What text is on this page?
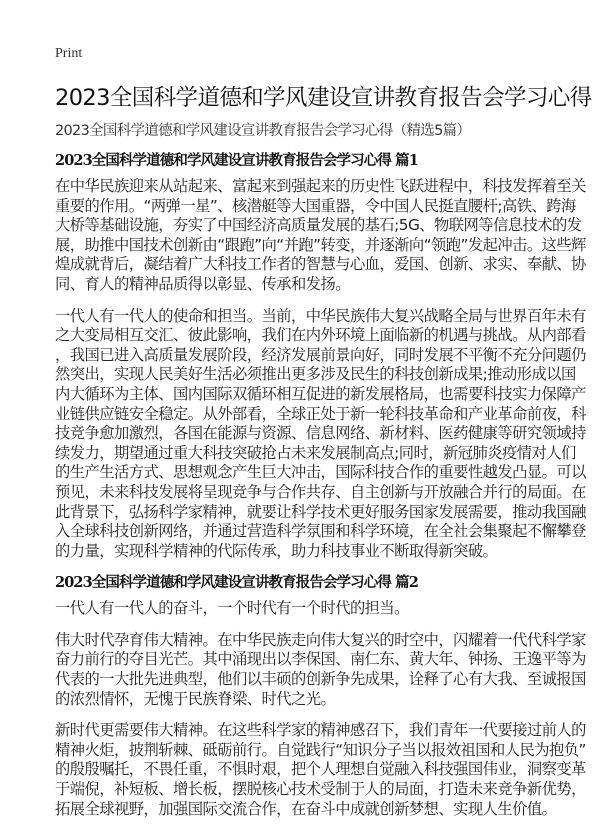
Print
2023全国科学道德和学风建设宣讲教育报告会学习心得
2023全国科学道德和学风建设宣讲教育报告会学习心得（精选5篇）
2023全国科学道德和学风建设宣讲教育报告会学习心得 篇1

在中华民族迎来从站起来、富起来到强起来的历史性飞跃进程中，科技发挥着至关
重要的作用。“两弹一星”、核潜艇等大国重器，令中国人民挺直腰杆;高铁、跨海
大桥等基础设施，夯实了中国经济高质量发展的基石;5G、物联网等信息技术的发
展，助推中国技术创新由“跟跑”向“并跑”转变，并逐渐向“领跑”发起冲击。这些辉
煌成就背后，凝结着广大科技工作者的智慧与心血，爱国、创新、求实、奉献、协
同、育人的精神品质得以彰显、传承和发扬。

一代人有一代人的使命和担当。当前，中华民族伟大复兴战略全局与世界百年未有
之大变局相互交汇、彼此影响，我们在内外环境上面临新的机遇与挑战。从内部看
，我国已进入高质量发展阶段，经济发展前景向好，同时发展不平衡不充分问题仍
然突出，实现人民美好生活必须推出更多涉及民生的科技创新成果;推动形成以国
内大循环为主体、国内国际双循环相互促进的新发展格局，也需要科技实力保障产
业链供应链安全稳定。从外部看，全球正处于新一轮科技革命和产业革命前夜，科
技竞争愈加激烈，各国在能源与资源、信息网络、新材料、医药健康等研究领域持
续发力，期望通过重大科技突破抢占未来发展制高点;同时，新冠肺炎疫情对人们
的生产生活方式、思想观念产生巨大冲击，国际科技合作的重要性越发凸显。可以
预见，未来科技发展将呈现竞争与合作共存、自主创新与开放融合并行的局面。在
此背景下，弘扬科学家精神，就要让科学技术更好服务国家发展需要，推动我国融
入全球科技创新网络，并通过营造科学氛围和科学环境，在全社会集聚起不懈攀登
的力量，实现科学精神的代际传承，助力科技事业不断取得新突破。

2023全国科学道德和学风建设宣讲教育报告会学习心得 篇2

一代人有一代人的奋斗，一个时代有一个时代的担当。

伟大时代孕育伟大精神。在中华民族走向伟大复兴的时空中，闪耀着一代代科学家
奋力前行的夺目光芒。其中涌现出以李保国、南仁东、黄大年、钟扬、王逸平等为
代表的一大批先进典型，他们以丰硕的创新争先成果，诠释了心有大我、至诚报国
的浓烈情怀，无愧于民族脊梁、时代之光。

新时代更需要伟大精神。在这些科学家的精神感召下，我们青年一代要接过前人的
精神火炬，披荆斩棘、砥砺前行。自觉践行“知识分子当以报效祖国和人民为抱负”
的殷殷嘱托，不畏任重，不惧时艰，把个人理想自觉融入科技强国伟业，洞察变革
于端倪，补短板、增长板，摆脱核心技术受制于人的局面，打造未来竞争新优势，
拓展全球视野，加强国际交流合作，在奋斗中成就创新梦想、实现人生价值。
